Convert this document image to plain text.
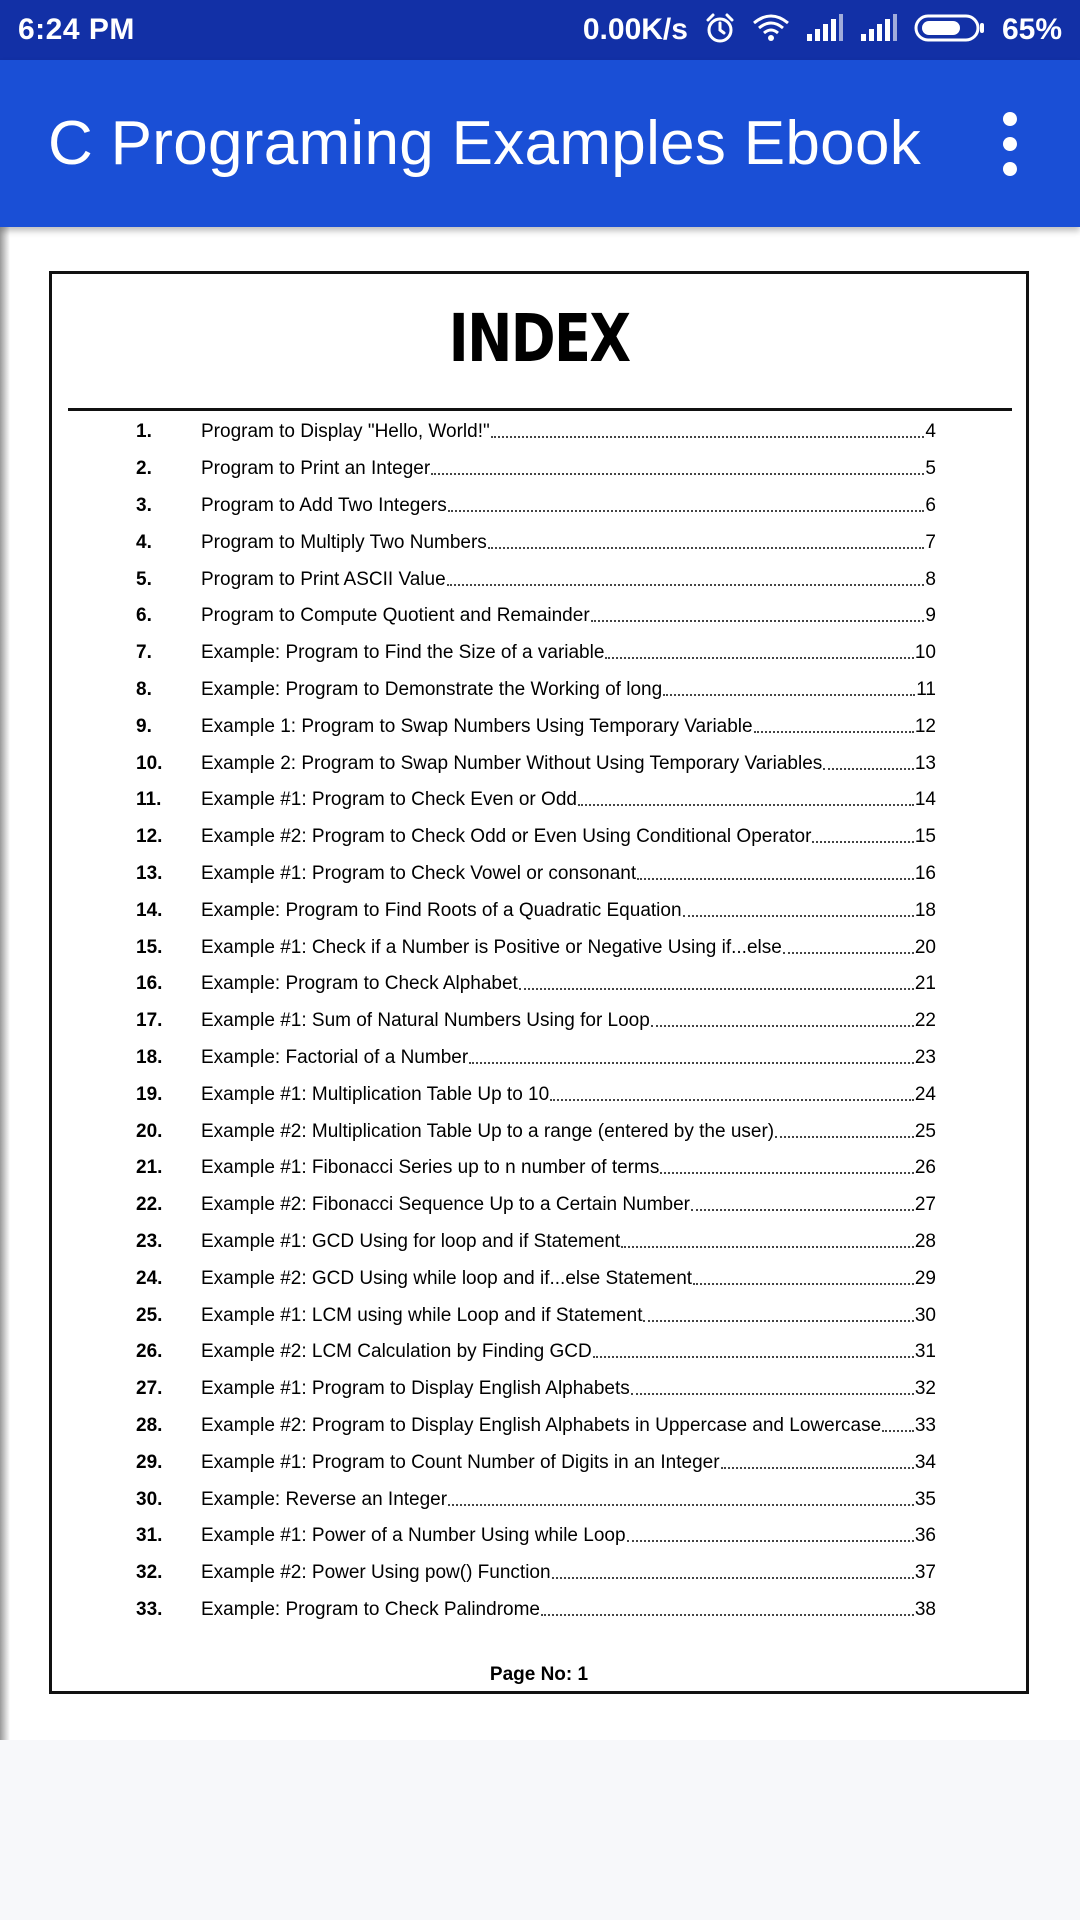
6:24 PM	0.00K/s	65%
C Programing Examples Ebook
INDEX
1.	Program to Display "Hello, World!"	4
2.	Program to Print an Integer	5
3.	Program to Add Two Integers	6
4.	Program to Multiply Two Numbers	7
5.	Program to Print ASCII Value	8
6.	Program to Compute Quotient and Remainder	9
7.	Example: Program to Find the Size of a variable	10
8.	Example: Program to Demonstrate the Working of long	11
9.	Example 1: Program to Swap Numbers Using Temporary Variable	12
10.	Example 2: Program to Swap Number Without Using Temporary Variables	13
11.	Example #1: Program to Check Even or Odd	14
12.	Example #2: Program to Check Odd or Even Using Conditional Operator	15
13.	Example #1: Program to Check Vowel or consonant	16
14.	Example: Program to Find Roots of a Quadratic Equation	18
15.	Example #1: Check if a Number is Positive or Negative Using if...else	20
16.	Example: Program to Check Alphabet	21
17.	Example #1: Sum of Natural Numbers Using for Loop	22
18.	Example: Factorial of a Number	23
19.	Example #1: Multiplication Table Up to 10	24
20.	Example #2: Multiplication Table Up to a range (entered by the user)	25
21.	Example #1: Fibonacci Series up to n number of terms	26
22.	Example #2: Fibonacci Sequence Up to a Certain Number	27
23.	Example #1: GCD Using for loop and if Statement	28
24.	Example #2: GCD Using while loop and if...else Statement	29
25.	Example #1: LCM using while Loop and if Statement	30
26.	Example #2: LCM Calculation by Finding GCD	31
27.	Example #1: Program to Display English Alphabets	32
28.	Example #2: Program to Display English Alphabets in Uppercase and Lowercase 33
29.	Example #1: Program to Count Number of Digits in an Integer	34
30.	Example: Reverse an Integer	35
31.	Example #1: Power of a Number Using while Loop	36
32.	Example #2: Power Using pow() Function	37
33.	Example: Program to Check Palindrome	38
Page No: 1
